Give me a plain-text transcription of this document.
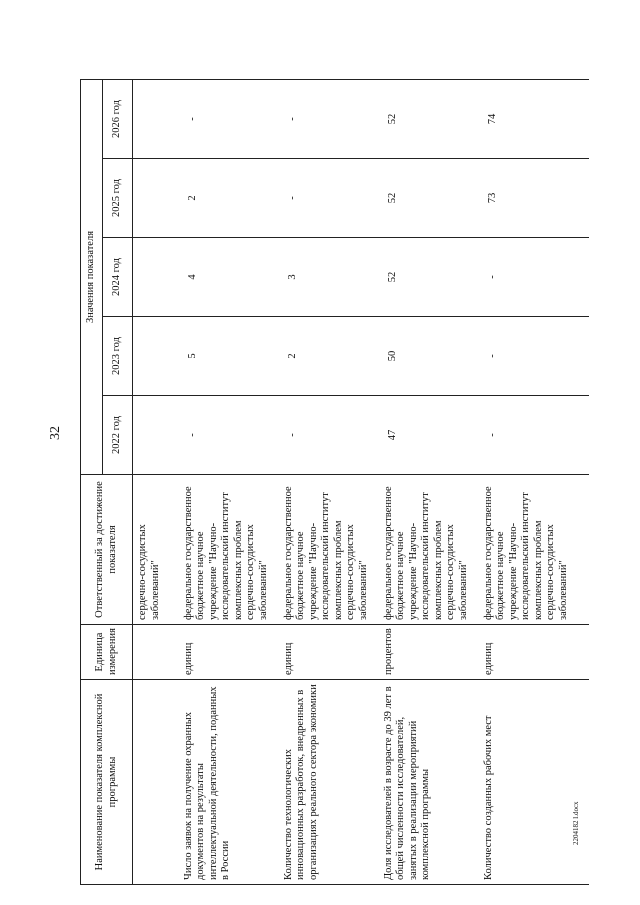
32
2204182 l.docx
Наименование показателя комплексной программы	Единица измерения	Ответственный за достижение показателя	Значения показателя				
			2022 год	2023 год	2024 год	2025 год	2026 год
		сердечно-сосудистых заболеваний"					
Число заявок на получение охранных документов на результаты интеллектуальной деятельности, поданных в России	единиц	федеральное государственное бюджетное научное учреждение "Научно-исследовательский институт комплексных проблем сердечно-сосудистых заболеваний"	-	5	4	2	-
Количество технологических инновационных разработок, внедренных в организациях реального сектора экономики	единиц	федеральное государственное бюджетное научное учреждение "Научно-исследовательский институт комплексных проблем сердечно-сосудистых заболеваний"	-	2	3	-	-
Доля исследователей в возрасте до 39 лет в общей численности исследователей, занятых в реализации мероприятий комплексной программы	процентов	федеральное государственное бюджетное научное учреждение "Научно-исследовательский институт комплексных проблем сердечно-сосудистых заболеваний"	47	50	52	52	52
Количество созданных рабочих мест	единиц	федеральное государственное бюджетное научное учреждение "Научно-исследовательский институт комплексных проблем сердечно-сосудистых заболеваний"	-	-	-	73	74
